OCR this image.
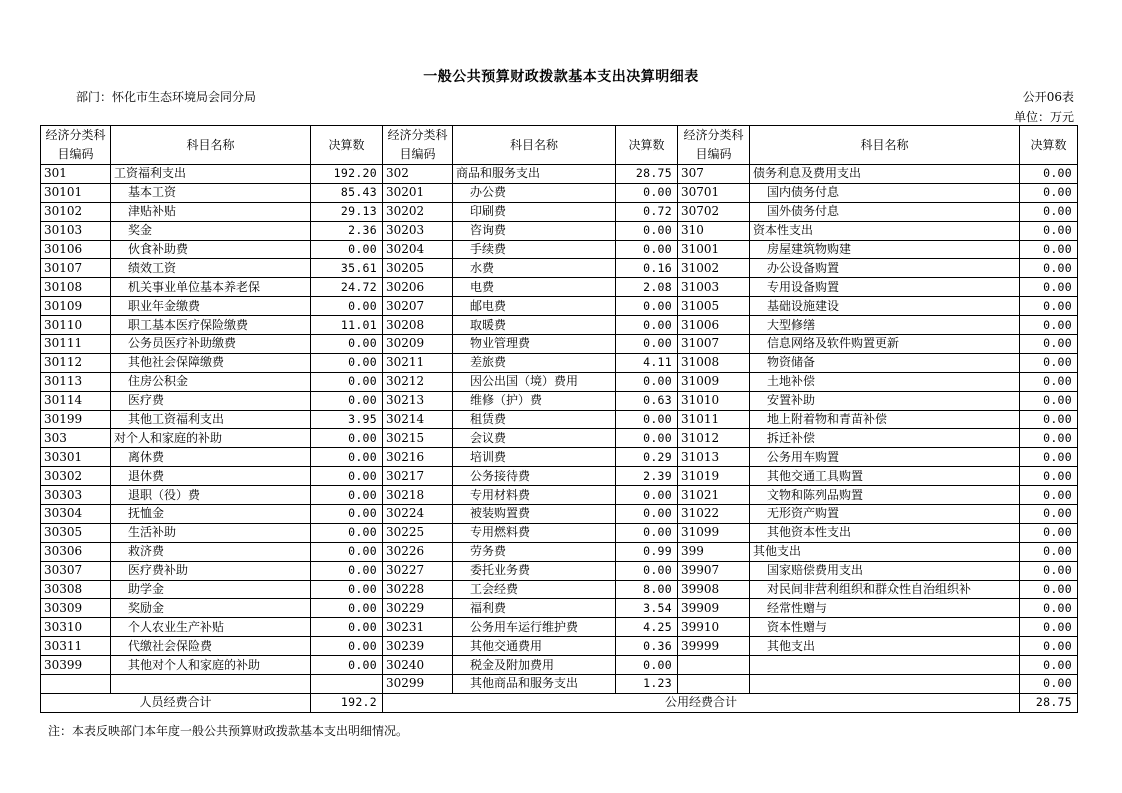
一般公共预算财政拨款基本支出决算明细表
部门：怀化市生态环境局会同分局	公开06表
单位：万元
经济分类科目编码	科目名称	决算数	经济分类科目编码	科目名称	决算数	经济分类科目编码	科目名称	决算数
301	工资福利支出	192.20	302	商品和服务支出	28.75	307	债务利息及费用支出	0.00
30101	基本工资	85.43	30201	办公费	0.00	30701	国内债务付息	0.00
30102	津贴补贴	29.13	30202	印刷费	0.72	30702	国外债务付息	0.00
30103	奖金	2.36	30203	咨询费	0.00	310	资本性支出	0.00
30106	伙食补助费	0.00	30204	手续费	0.00	31001	房屋建筑物购建	0.00
30107	绩效工资	35.61	30205	水费	0.16	31002	办公设备购置	0.00
30108	机关事业单位基本养老保	24.72	30206	电费	2.08	31003	专用设备购置	0.00
30109	职业年金缴费	0.00	30207	邮电费	0.00	31005	基础设施建设	0.00
30110	职工基本医疗保险缴费	11.01	30208	取暖费	0.00	31006	大型修缮	0.00
30111	公务员医疗补助缴费	0.00	30209	物业管理费	0.00	31007	信息网络及软件购置更新	0.00
30112	其他社会保障缴费	0.00	30211	差旅费	4.11	31008	物资储备	0.00
30113	住房公积金	0.00	30212	因公出国（境）费用	0.00	31009	土地补偿	0.00
30114	医疗费	0.00	30213	维修（护）费	0.63	31010	安置补助	0.00
30199	其他工资福利支出	3.95	30214	租赁费	0.00	31011	地上附着物和青苗补偿	0.00
303	对个人和家庭的补助	0.00	30215	会议费	0.00	31012	拆迁补偿	0.00
30301	离休费	0.00	30216	培训费	0.29	31013	公务用车购置	0.00
30302	退休费	0.00	30217	公务接待费	2.39	31019	其他交通工具购置	0.00
30303	退职（役）费	0.00	30218	专用材料费	0.00	31021	文物和陈列品购置	0.00
30304	抚恤金	0.00	30224	被装购置费	0.00	31022	无形资产购置	0.00
30305	生活补助	0.00	30225	专用燃料费	0.00	31099	其他资本性支出	0.00
30306	救济费	0.00	30226	劳务费	0.99	399	其他支出	0.00
30307	医疗费补助	0.00	30227	委托业务费	0.00	39907	国家赔偿费用支出	0.00
30308	助学金	0.00	30228	工会经费	8.00	39908	对民间非营利组织和群众性自治组织补	0.00
30309	奖励金	0.00	30229	福利费	3.54	39909	经常性赠与	0.00
30310	个人农业生产补贴	0.00	30231	公务用车运行维护费	4.25	39910	资本性赠与	0.00
30311	代缴社会保险费	0.00	30239	其他交通费用	0.36	39999	其他支出	0.00
30399	其他对个人和家庭的补助	0.00	30240	税金及附加费用	0.00			0.00
			30299	其他商品和服务支出	1.23			0.00
人员经费合计		192.2	公用经费合计					28.75
注：本表反映部门本年度一般公共预算财政拨款基本支出明细情况。
